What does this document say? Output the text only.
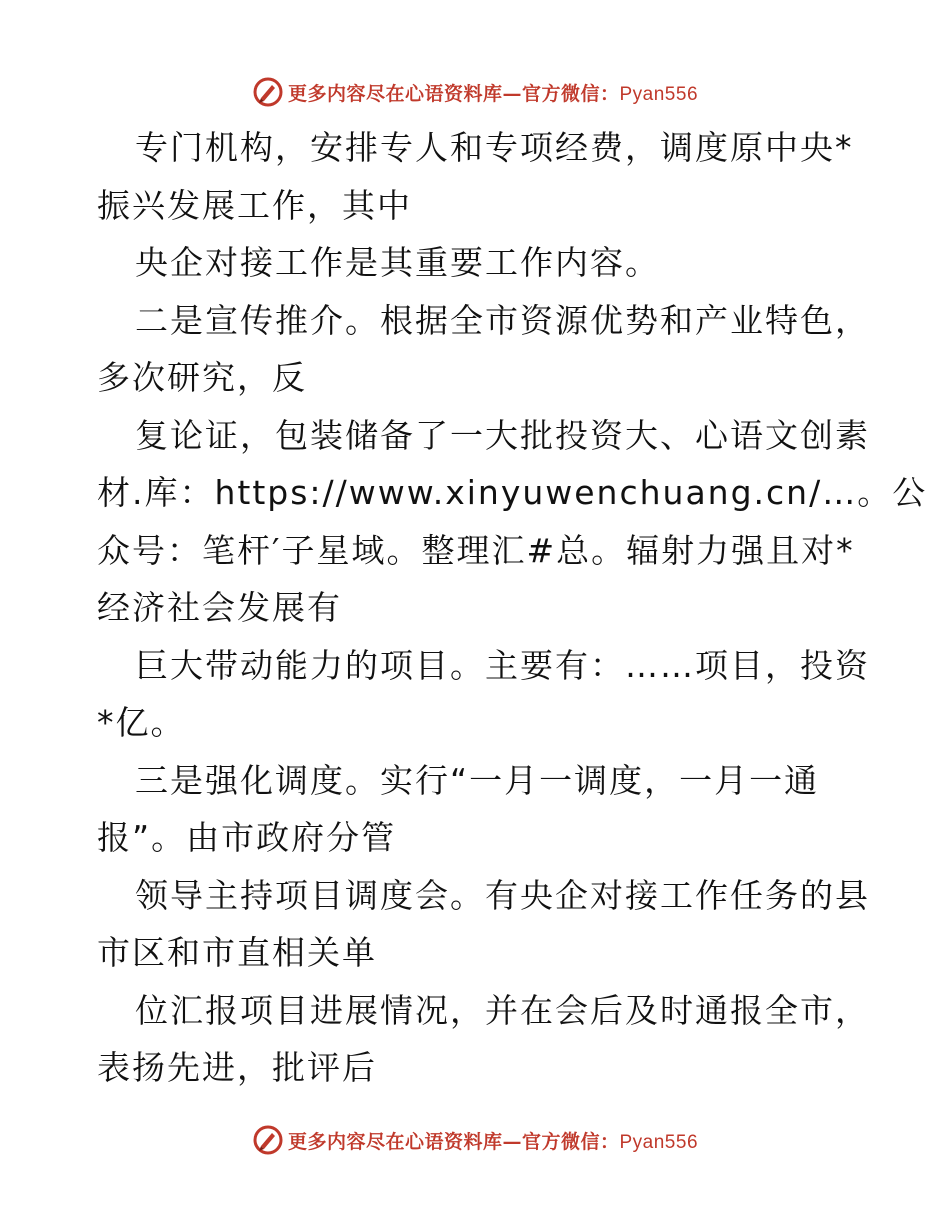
更多内容尽在心语资料库—官方微信：Pyan556
专门机构，安排专人和专项经费，调度原中央*
振兴发展工作，其中
央企对接工作是其重要工作内容。
二是宣传推介。根据全市资源优势和产业特色，
多次研究，反
复论证，包装储备了一大批投资大、心语文创素
材.库：https://www.xinyuwenchuang.cn/…。公
众号：笔杆′子星域。整理汇#总。辐射力强且对*
经济社会发展有
巨大带动能力的项目。主要有：……项目，投资
*亿。
三是强化调度。实行“一月一调度，一月一通
报”。由市政府分管
领导主持项目调度会。有央企对接工作任务的县
市区和市直相关单
位汇报项目进展情况，并在会后及时通报全市，
表扬先进，批评后
更多内容尽在心语资料库—官方微信：Pyan556
